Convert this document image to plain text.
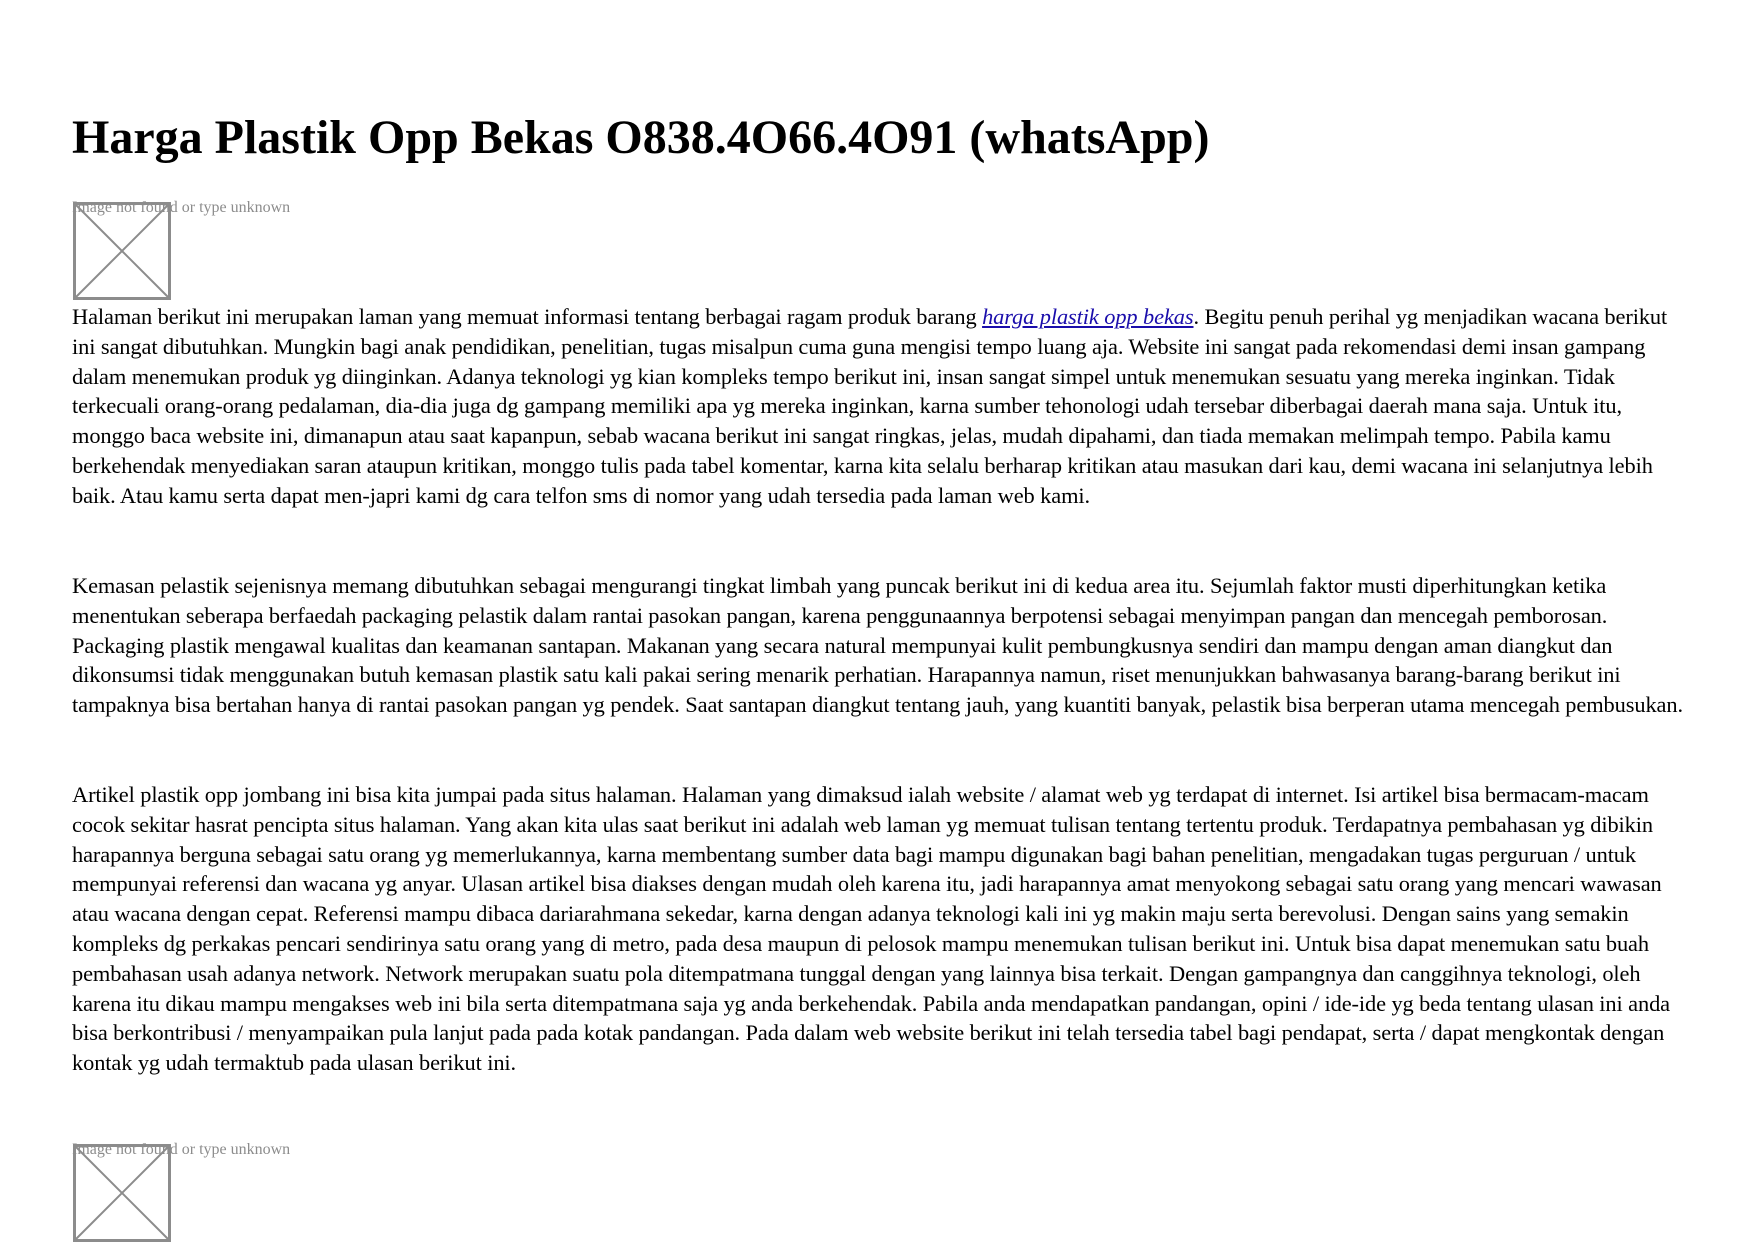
Harga Plastik Opp Bekas O838.4O66.4O91 (whatsApp)
Image not found or type unknown

Halaman berikut ini merupakan laman yang memuat informasi tentang berbagai ragam produk barang harga plastik opp bekas. Begitu penuh perihal yg menjadikan wacana berikut ini sangat dibutuhkan. Mungkin bagi anak pendidikan, penelitian, tugas misalpun cuma guna mengisi tempo luang aja. Website ini sangat pada rekomendasi demi insan gampang dalam menemukan produk yg diinginkan. Adanya teknologi yg kian kompleks tempo berikut ini, insan sangat simpel untuk menemukan sesuatu yang mereka inginkan. Tidak terkecuali orang-orang pedalaman, dia-dia juga dg gampang memiliki apa yg mereka inginkan, karna sumber tehonologi udah tersebar diberbagai daerah mana saja. Untuk itu, monggo baca website ini, dimanapun atau saat kapanpun, sebab wacana berikut ini sangat ringkas, jelas, mudah dipahami, dan tiada memakan melimpah tempo. Pabila kamu berkehendak menyediakan saran ataupun kritikan, monggo tulis pada tabel komentar, karna kita selalu berharap kritikan atau masukan dari kau, demi wacana ini selanjutnya lebih baik. Atau kamu serta dapat men-japri kami dg cara telfon sms di nomor yang udah tersedia pada laman web kami.

Kemasan pelastik sejenisnya memang dibutuhkan sebagai mengurangi tingkat limbah yang puncak berikut ini di kedua area itu. Sejumlah faktor musti diperhitungkan ketika menentukan seberapa berfaedah packaging pelastik dalam rantai pasokan pangan, karena penggunaannya berpotensi sebagai menyimpan pangan dan mencegah pemborosan. Packaging plastik mengawal kualitas dan keamanan santapan. Makanan yang secara natural mempunyai kulit pembungkusnya sendiri dan mampu dengan aman diangkut dan dikonsumsi tidak menggunakan butuh kemasan plastik satu kali pakai sering menarik perhatian. Harapannya namun, riset menunjukkan bahwasanya barang-barang berikut ini tampaknya bisa bertahan hanya di rantai pasokan pangan yg pendek. Saat santapan diangkut tentang jauh, yang kuantiti banyak, pelastik bisa berperan utama mencegah pembusukan.

Artikel plastik opp jombang ini bisa kita jumpai pada situs halaman. Halaman yang dimaksud ialah website / alamat web yg terdapat di internet. Isi artikel bisa bermacam-macam cocok sekitar hasrat pencipta situs halaman. Yang akan kita ulas saat berikut ini adalah web laman yg memuat tulisan tentang tertentu produk. Terdapatnya pembahasan yg dibikin harapannya berguna sebagai satu orang yg memerlukannya, karna membentang sumber data bagi mampu digunakan bagi bahan penelitian, mengadakan tugas perguruan / untuk mempunyai referensi dan wacana yg anyar. Ulasan artikel bisa diakses dengan mudah oleh karena itu, jadi harapannya amat menyokong sebagai satu orang yang mencari wawasan atau wacana dengan cepat. Referensi mampu dibaca dariarahmana sekedar, karna dengan adanya teknologi kali ini yg makin maju serta berevolusi. Dengan sains yang semakin kompleks dg perkakas pencari sendirinya satu orang yang di metro, pada desa maupun di pelosok mampu menemukan tulisan berikut ini. Untuk bisa dapat menemukan satu buah pembahasan usah adanya network. Network merupakan suatu pola ditempatmana tunggal dengan yang lainnya bisa terkait. Dengan gampangnya dan canggihnya teknologi, oleh karena itu dikau mampu mengakses web ini bila serta ditempatmana saja yg anda berkehendak. Pabila anda mendapatkan pandangan, opini / ide-ide yg beda tentang ulasan ini anda bisa berkontribusi / menyampaikan pula lanjut pada pada kotak pandangan. Pada dalam web website berikut ini telah tersedia tabel bagi pendapat, serta / dapat mengkontak dengan kontak yg udah termaktub pada ulasan berikut ini.

Image not found or type unknown
